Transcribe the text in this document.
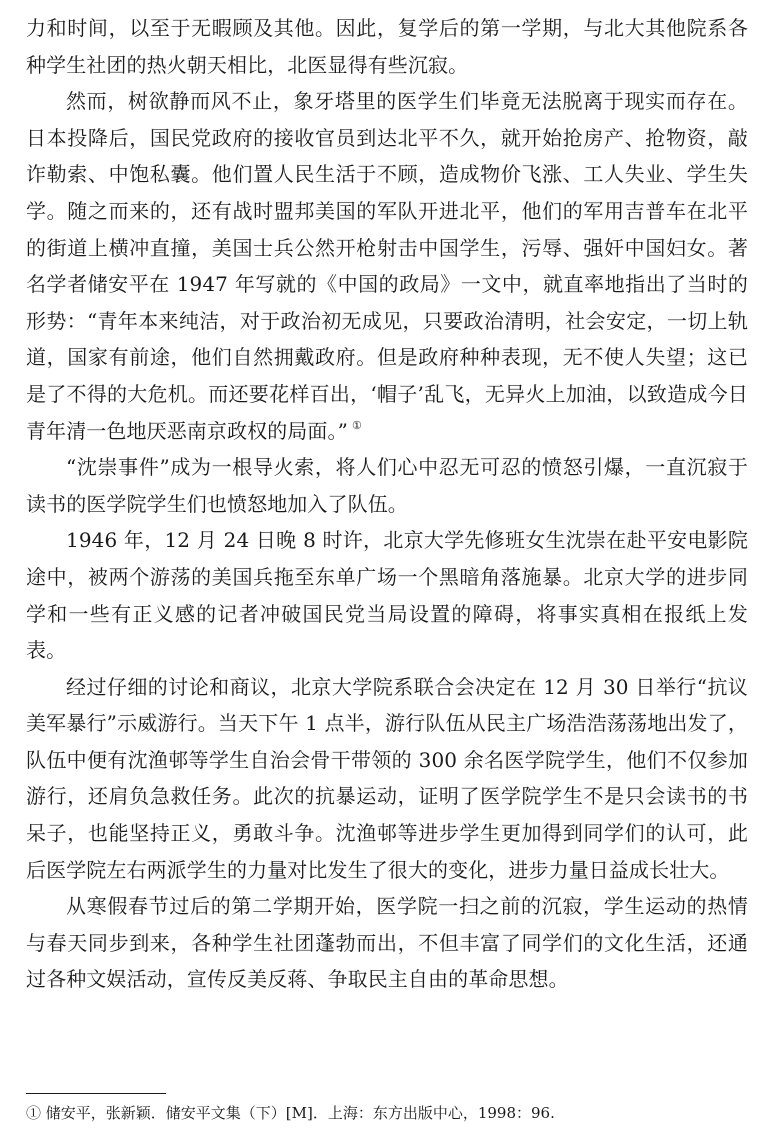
力和时间，以至于无暇顾及其他。因此，复学后的第一学期，与北大其他院系各种学生社团的热火朝天相比，北医显得有些沉寂。

然而，树欲静而风不止，象牙塔里的医学生们毕竟无法脱离于现实而存在。日本投降后，国民党政府的接收官员到达北平不久，就开始抢房产、抢物资，敲诈勒索、中饱私囊。他们置人民生活于不顾，造成物价飞涨、工人失业、学生失学。随之而来的，还有战时盟邦美国的军队开进北平，他们的军用吉普车在北平的街道上横冲直撞，美国士兵公然开枪射击中国学生，污辱、强奸中国妇女。著名学者储安平在 1947 年写就的《中国的政局》一文中，就直率地指出了当时的形势：“青年本来纯洁，对于政治初无成见，只要政治清明，社会安定，一切上轨道，国家有前途，他们自然拥戴政府。但是政府种种表现，无不使人失望；这已是了不得的大危机。而还要花样百出，‘帽子’乱飞，无异火上加油，以致造成今日青年清一色地厌恶南京政权的局面。” ①

“沈崇事件”成为一根导火索，将人们心中忍无可忍的愤怒引爆，一直沉寂于读书的医学院学生们也愤怒地加入了队伍。

1946 年，12 月 24 日晚 8 时许，北京大学先修班女生沈崇在赴平安电影院途中，被两个游荡的美国兵拖至东单广场一个黑暗角落施暴。北京大学的进步同学和一些有正义感的记者冲破国民党当局设置的障碍，将事实真相在报纸上发表。

经过仔细的讨论和商议，北京大学院系联合会决定在 12 月 30 日举行“抗议美军暴行”示威游行。当天下午 1 点半，游行队伍从民主广场浩浩荡荡地出发了，队伍中便有沈渔邨等学生自治会骨干带领的 300 余名医学院学生，他们不仅参加游行，还肩负急救任务。此次的抗暴运动，证明了医学院学生不是只会读书的书呆子，也能坚持正义，勇敢斗争。沈渔邨等进步学生更加得到同学们的认可，此后医学院左右两派学生的力量对比发生了很大的变化，进步力量日益成长壮大。

从寒假春节过后的第二学期开始，医学院一扫之前的沉寂，学生运动的热情与春天同步到来，各种学生社团蓬勃而出，不但丰富了同学们的文化生活，还通过各种文娱活动，宣传反美反蒋、争取民主自由的革命思想。

① 储安平，张新颖．储安平文集（下）[M]．上海：东方出版中心，1998：96.
